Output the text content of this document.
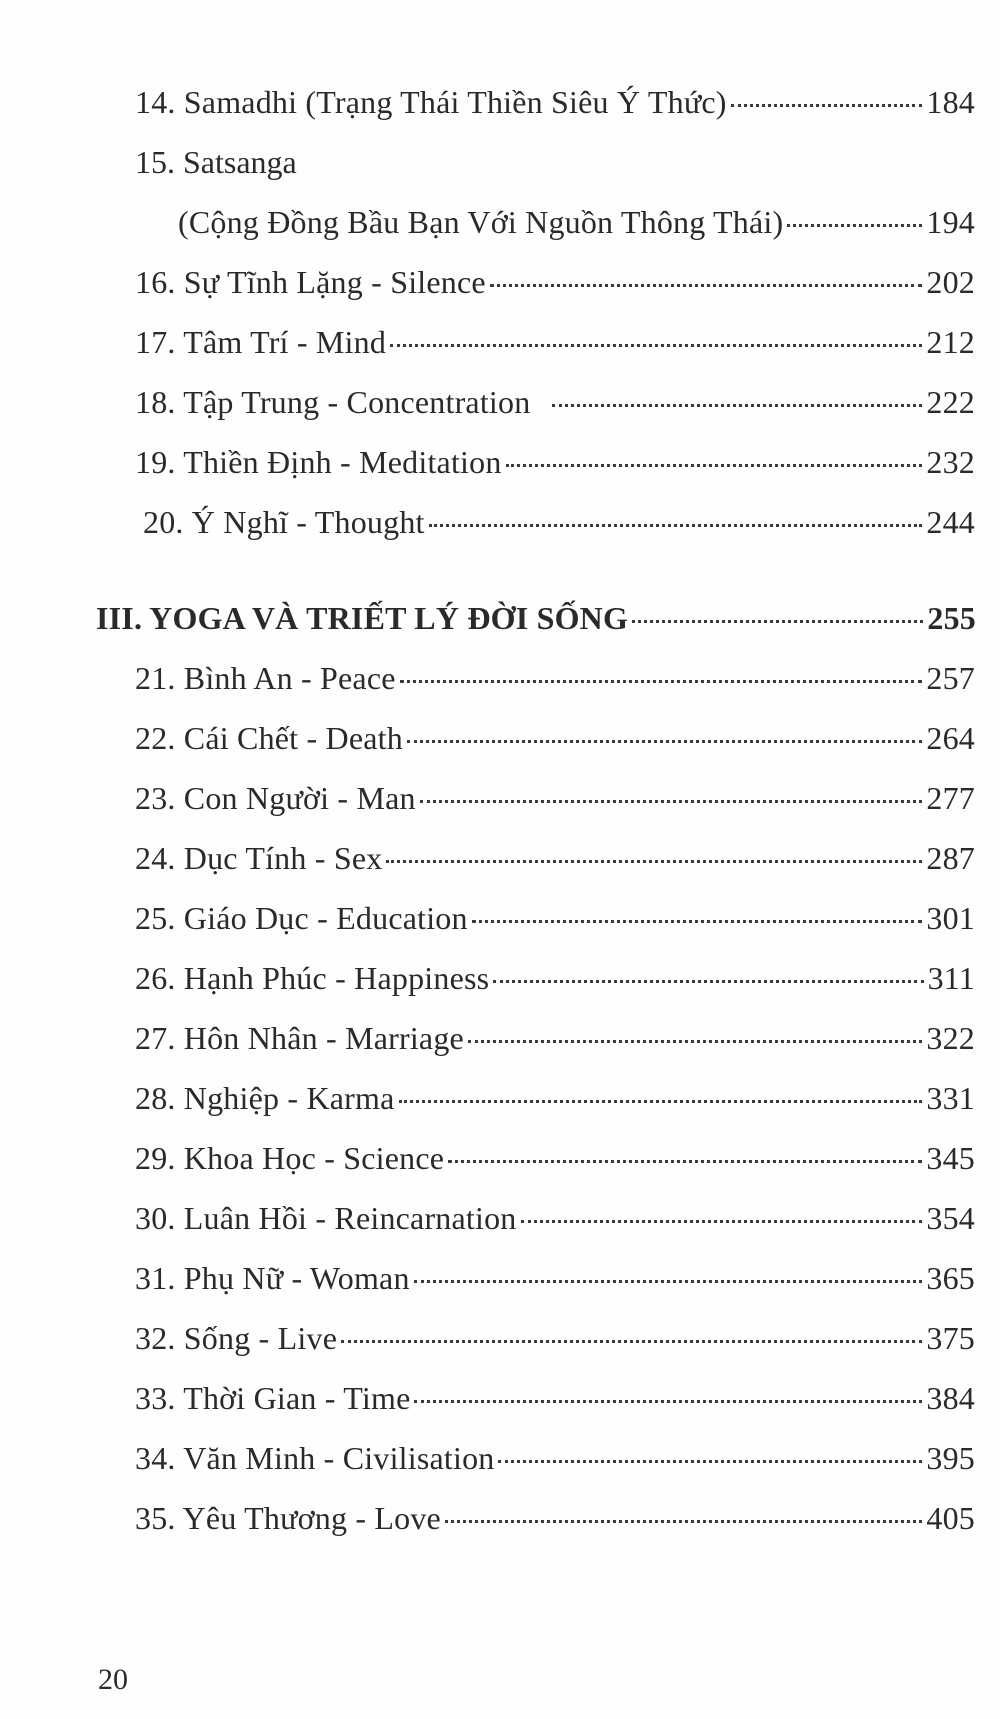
14. Samadhi (Trạng Thái Thiền Siêu Ý Thức)	184
15. Satsanga
(Cộng Đồng Bầu Bạn Với Nguồn Thông Thái)	194
16. Sự Tĩnh Lặng - Silence	202
17. Tâm Trí - Mind	212
18. Tập Trung - Concentration	222
19. Thiền Định - Meditation	232
20. Ý Nghĩ - Thought	244
III. YOGA VÀ TRIẾT LÝ ĐỜI SỐNG	255
21. Bình An - Peace	257
22. Cái Chết - Death	264
23. Con Người - Man	277
24. Dục Tính - Sex	287
25. Giáo Dục - Education	301
26. Hạnh Phúc - Happiness	311
27. Hôn Nhân - Marriage	322
28. Nghiệp - Karma	331
29. Khoa Học - Science	345
30. Luân Hồi - Reincarnation	354
31. Phụ Nữ - Woman	365
32. Sống - Live	375
33. Thời Gian - Time	384
34. Văn Minh - Civilisation	395
35. Yêu Thương - Love	405
20
